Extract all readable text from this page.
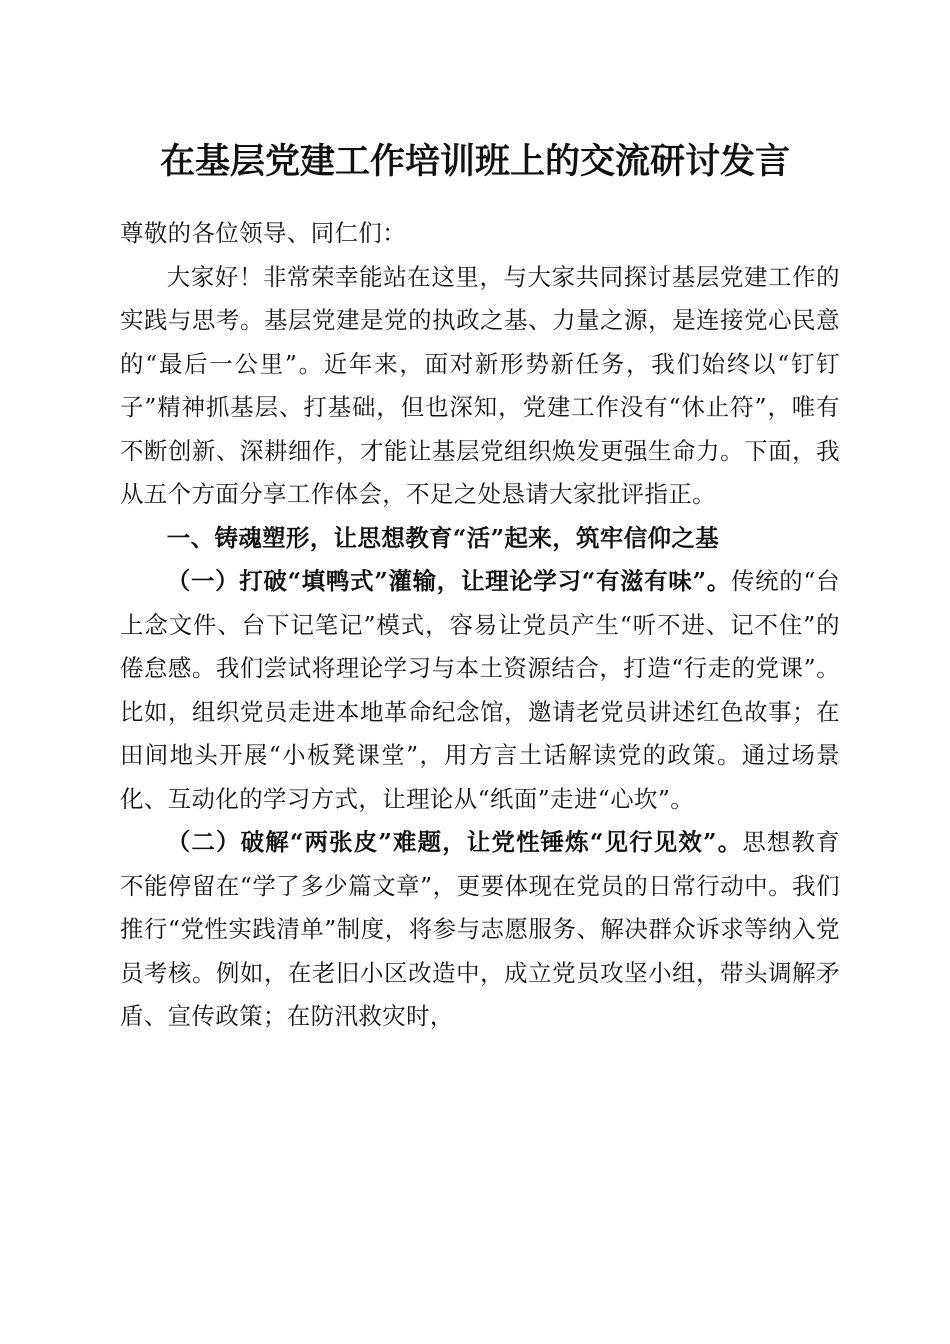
在基层党建工作培训班上的交流研讨发言

尊敬的各位领导、同仁们：

大家好！非常荣幸能站在这里，与大家共同探讨基层党建工作的实践与思考。基层党建是党的执政之基、力量之源，是连接党心民意的“最后一公里”。近年来，面对新形势新任务，我们始终以“钉钉子”精神抓基层、打基础，但也深知，党建工作没有“休止符”，唯有不断创新、深耕细作，才能让基层党组织焕发更强生命力。下面，我从五个方面分享工作体会，不足之处恳请大家批评指正。

一、铸魂塑形，让思想教育“活”起来，筑牢信仰之基

（一）打破“填鸭式”灌输，让理论学习“有滋有味”。传统的“台上念文件、台下记笔记”模式，容易让党员产生“听不进、记不住”的倦怠感。我们尝试将理论学习与本土资源结合，打造“行走的党课”。比如，组织党员走进本地革命纪念馆，邀请老党员讲述红色故事；在田间地头开展“小板凳课堂”，用方言土话解读党的政策。通过场景化、互动化的学习方式，让理论从“纸面”走进“心坎”。

（二）破解“两张皮”难题，让党性锤炼“见行见效”。思想教育不能停留在“学了多少篇文章”，更要体现在党员的日常行动中。我们推行“党性实践清单”制度，将参与志愿服务、解决群众诉求等纳入党员考核。例如，在老旧小区改造中，成立党员攻坚小组，带头调解矛盾、宣传政策；在防汛救灾时，
